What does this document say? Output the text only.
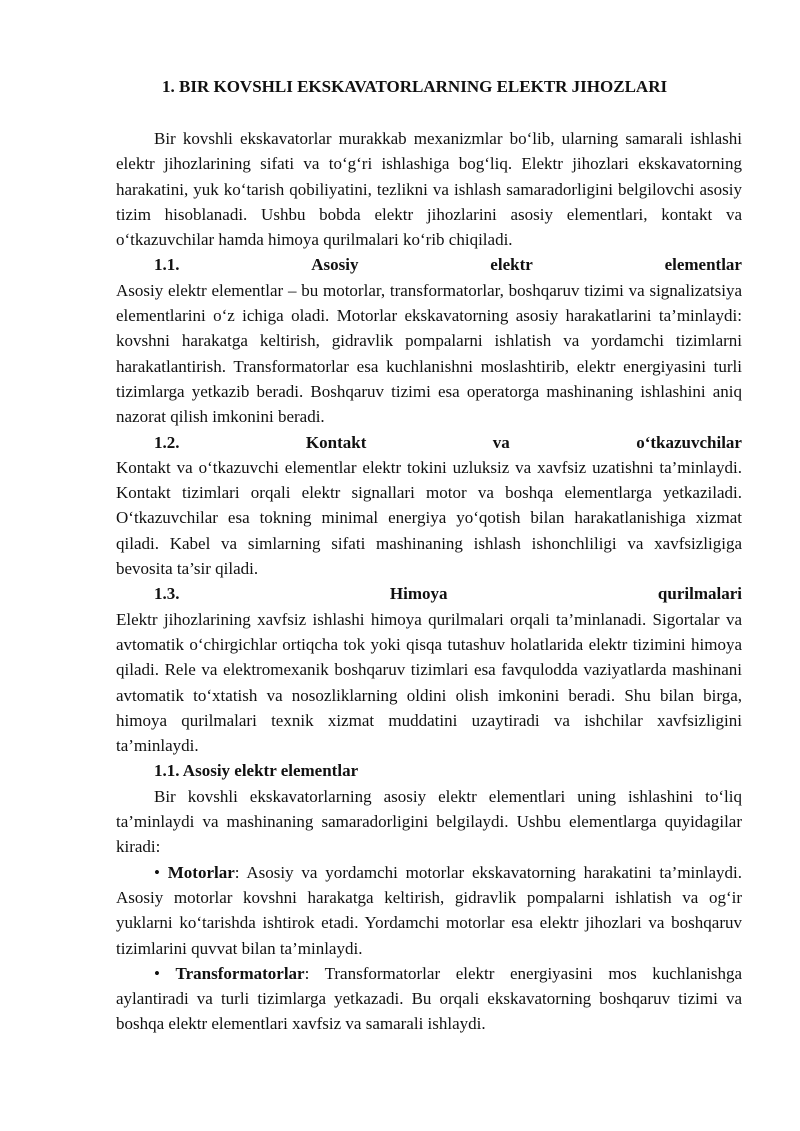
1. BIR KOVSHLI EKSKAVATORLARNING ELEKTR JIHOZLARI

Bir kovshli ekskavatorlar murakkab mexanizmlar bo‘lib, ularning samarali ishlashi elektr jihozlarining sifati va to‘g‘ri ishlashiga bog‘liq. Elektr jihozlari ekskavatorning harakatini, yuk ko‘tarish qobiliyatini, tezlikni va ishlash samaradorligini belgilovchi asosiy tizim hisoblanadi. Ushbu bobda elektr jihozlarini asosiy elementlari, kontakt va o‘tkazuvchilar hamda himoya qurilmalari ko‘rib chiqiladi.

1.1.	Asosiy	elektr	elementlar

Asosiy elektr elementlar – bu motorlar, transformatorlar, boshqaruv tizimi va signalizatsiya elementlarini o‘z ichiga oladi. Motorlar ekskavatorning asosiy harakatlarini ta’minlaydi: kovshni harakatga keltirish, gidravlik pompalarni ishlatish va yordamchi tizimlarni harakatlantirish. Transformatorlar esa kuchlanishni moslashtirib, elektr energiyasini turli tizimlarga yetkazib beradi. Boshqaruv tizimi esa operatorga mashinaning ishlashini aniq nazorat qilish imkonini beradi.

1.2.	Kontakt	va	o‘tkazuvchilar

Kontakt va o‘tkazuvchi elementlar elektr tokini uzluksiz va xavfsiz uzatishni ta’minlaydi. Kontakt tizimlari orqali elektr signallari motor va boshqa elementlarga yetkaziladi. O‘tkazuvchilar esa tokning minimal energiya yo‘qotish bilan harakatlanishiga xizmat qiladi. Kabel va simlarning sifati mashinaning ishlash ishonchliligi va xavfsizligiga bevosita ta’sir qiladi.

1.3.	Himoya	qurilmalari

Elektr jihozlarining xavfsiz ishlashi himoya qurilmalari orqali ta’minlanadi. Sigortalar va avtomatik o‘chirgichlar ortiqcha tok yoki qisqa tutashuv holatlarida elektr tizimini himoya qiladi. Rele va elektromexanik boshqaruv tizimlari esa favqulodda vaziyatlarda mashinani avtomatik to‘xtatish va nosozliklarning oldini olish imkonini beradi. Shu bilan birga, himoya qurilmalari texnik xizmat muddatini uzaytiradi va ishchilar xavfsizligini ta’minlaydi.

1.1. Asosiy elektr elementlar

Bir kovshli ekskavatorlarning asosiy elektr elementlari uning ishlashini to‘liq ta’minlaydi va mashinaning samaradorligini belgilaydi. Ushbu elementlarga quyidagilar kiradi:

• Motorlar: Asosiy va yordamchi motorlar ekskavatorning harakatini ta’minlaydi. Asosiy motorlar kovshni harakatga keltirish, gidravlik pompalarni ishlatish va og‘ir yuklarni ko‘tarishda ishtirok etadi. Yordamchi motorlar esa elektr jihozlari va boshqaruv tizimlarini quvvat bilan ta’minlaydi.

• Transformatorlar: Transformatorlar elektr energiyasini mos kuchlanishga aylantiradi va turli tizimlarga yetkazadi. Bu orqali ekskavatorning boshqaruv tizimi va boshqa elektr elementlari xavfsiz va samarali ishlaydi.
